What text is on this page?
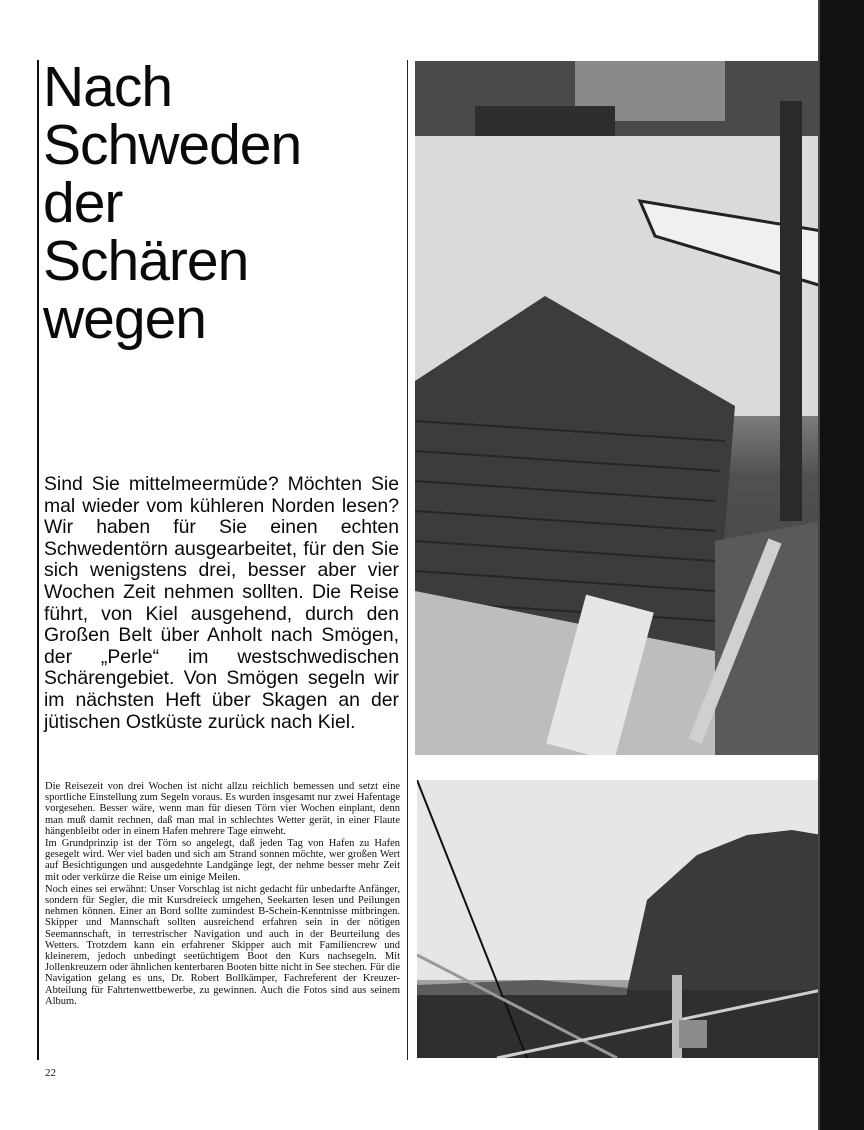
Nach
Schweden
der
Schären
wegen
Sind Sie mittelmeermüde? Möchten Sie mal wieder vom kühleren Norden lesen? Wir haben für Sie einen echten Schwedentörn ausgearbeitet, für den Sie sich wenigstens drei, besser aber vier Wochen Zeit nehmen sollten. Die Reise führt, von Kiel ausgehend, durch den Großen Belt über Anholt nach Smögen, der „Perle“ im westschwedischen Schärengebiet. Von Smögen segeln wir im nächsten Heft über Skagen an der jütischen Ostküste zurück nach Kiel.

Die Reisezeit von drei Wochen ist nicht allzu reichlich bemessen und setzt eine sportliche Einstellung zum Segeln voraus. Es wurden insgesamt nur zwei Hafentage vorgesehen. Besser wäre, wenn man für diesen Törn vier Wochen einplant, denn man muß damit rechnen, daß man mal in schlechtes Wetter gerät, in einer Flaute hängenbleibt oder in einem Hafen mehrere Tage einweht.

Im Grundprinzip ist der Törn so angelegt, daß jeden Tag von Hafen zu Hafen gesegelt wird. Wer viel baden und sich am Strand sonnen möchte, wer großen Wert auf Besichtigungen und ausgedehnte Landgänge legt, der nehme besser mehr Zeit mit oder verkürze die Reise um einige Meilen.

Noch eines sei erwähnt: Unser Vorschlag ist nicht gedacht für unbedarfte Anfänger, sondern für Segler, die mit Kursdreieck umgehen, Seekarten lesen und Peilungen nehmen können. Einer an Bord sollte zumindest B-Schein-Kenntnisse mitbringen. Skipper und Mannschaft sollten ausreichend erfahren sein in der nötigen Seemannschaft, in terrestrischer Navigation und auch in der Beurteilung des Wetters. Trotzdem kann ein erfahrener Skipper auch mit Familiencrew und kleinerem, jedoch unbedingt seetüchtigem Boot den Kurs nachsegeln. Mit Jollenkreuzern oder ähnlichen kenterbaren Booten bitte nicht in See stechen. Für die Navigation gelang es uns, Dr. Robert Bollkämper, Fachreferent der Kreuzer-Abteilung für Fahrtenwettbewerbe, zu gewinnen. Auch die Fotos sind aus seinem Album.

22
